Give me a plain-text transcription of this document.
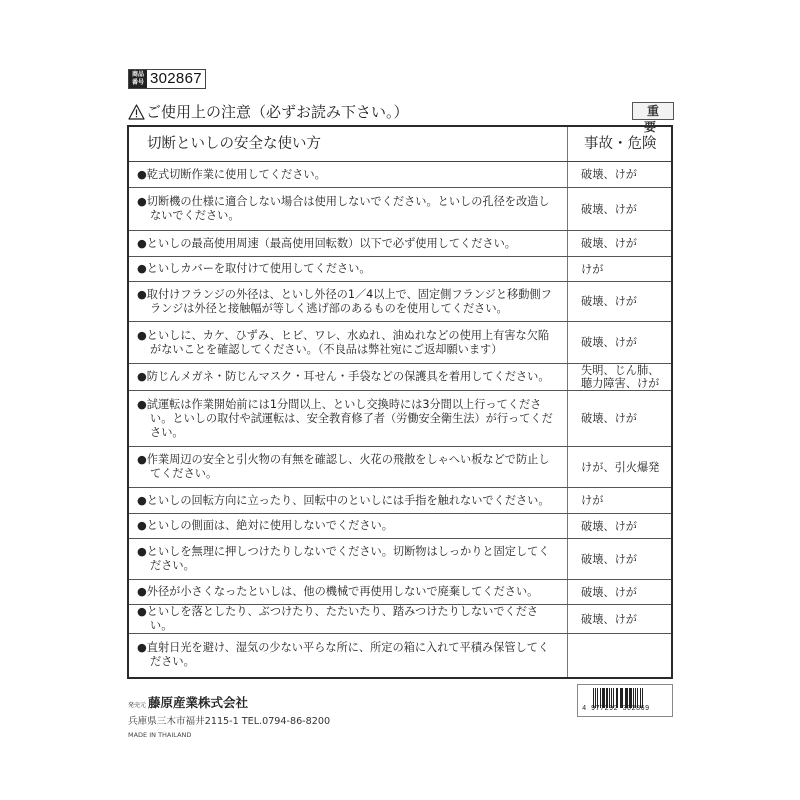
商品
番号 302867
ご使用上の注意（必ずお読み下さい。）	重要
切断といしの安全な使い方	事故・危険

●乾式切断作業に使用してください。	破壊、けが

●切断機の仕様に適合しない場合は使用しないでください。といしの孔径を改造しないでください。	破壊、けが

●といしの最高使用周速（最高使用回転数）以下で必ず使用してください。	破壊、けが

●といしカバーを取付けて使用してください。	けが

●取付けフランジの外径は、といし外径の1／4以上で、固定側フランジと移動側フランジは外径と接触幅が等しく逃げ部のあるものを使用してください。	破壊、けが

●といしに、カケ、ひずみ、ヒビ、ワレ、水ぬれ、油ぬれなどの使用上有害な欠陥がないことを確認してください。（不良品は弊社宛にご返却願います）	破壊、けが

●防じんメガネ・防じんマスク・耳せん・手袋などの保護具を着用してください。	失明、じん肺、聴力障害、けが

●試運転は作業開始前には1分間以上、といし交換時には3分間以上行ってください。といしの取付や試運転は、安全教育修了者（労働安全衛生法）が行ってください。	破壊、けが

●作業周辺の安全と引火物の有無を確認し、火花の飛散をしゃへい板などで防止してください。	けが、引火爆発

●といしの回転方向に立ったり、回転中のといしには手指を触れないでください。	けが

●といしの側面は、絶対に使用しないでください。	破壊、けが

●といしを無理に押しつけたりしないでください。切断物はしっかりと固定してください。	破壊、けが

●外径が小さくなったといしは、他の機械で再使用しないで廃棄してください。	破壊、けが

●といしを落としたり、ぶつけたり、たたいたり、踏みつけたりしないでください。	破壊、けが

●直射日光を避け、湿気の少ない平らな所に、所定の箱に入れて平積み保管してください。	

発売元 藤原産業株式会社
兵庫県三木市福井2115-1 TEL.0794-86-8200
MADE IN THAILAND
4 977292 302869
